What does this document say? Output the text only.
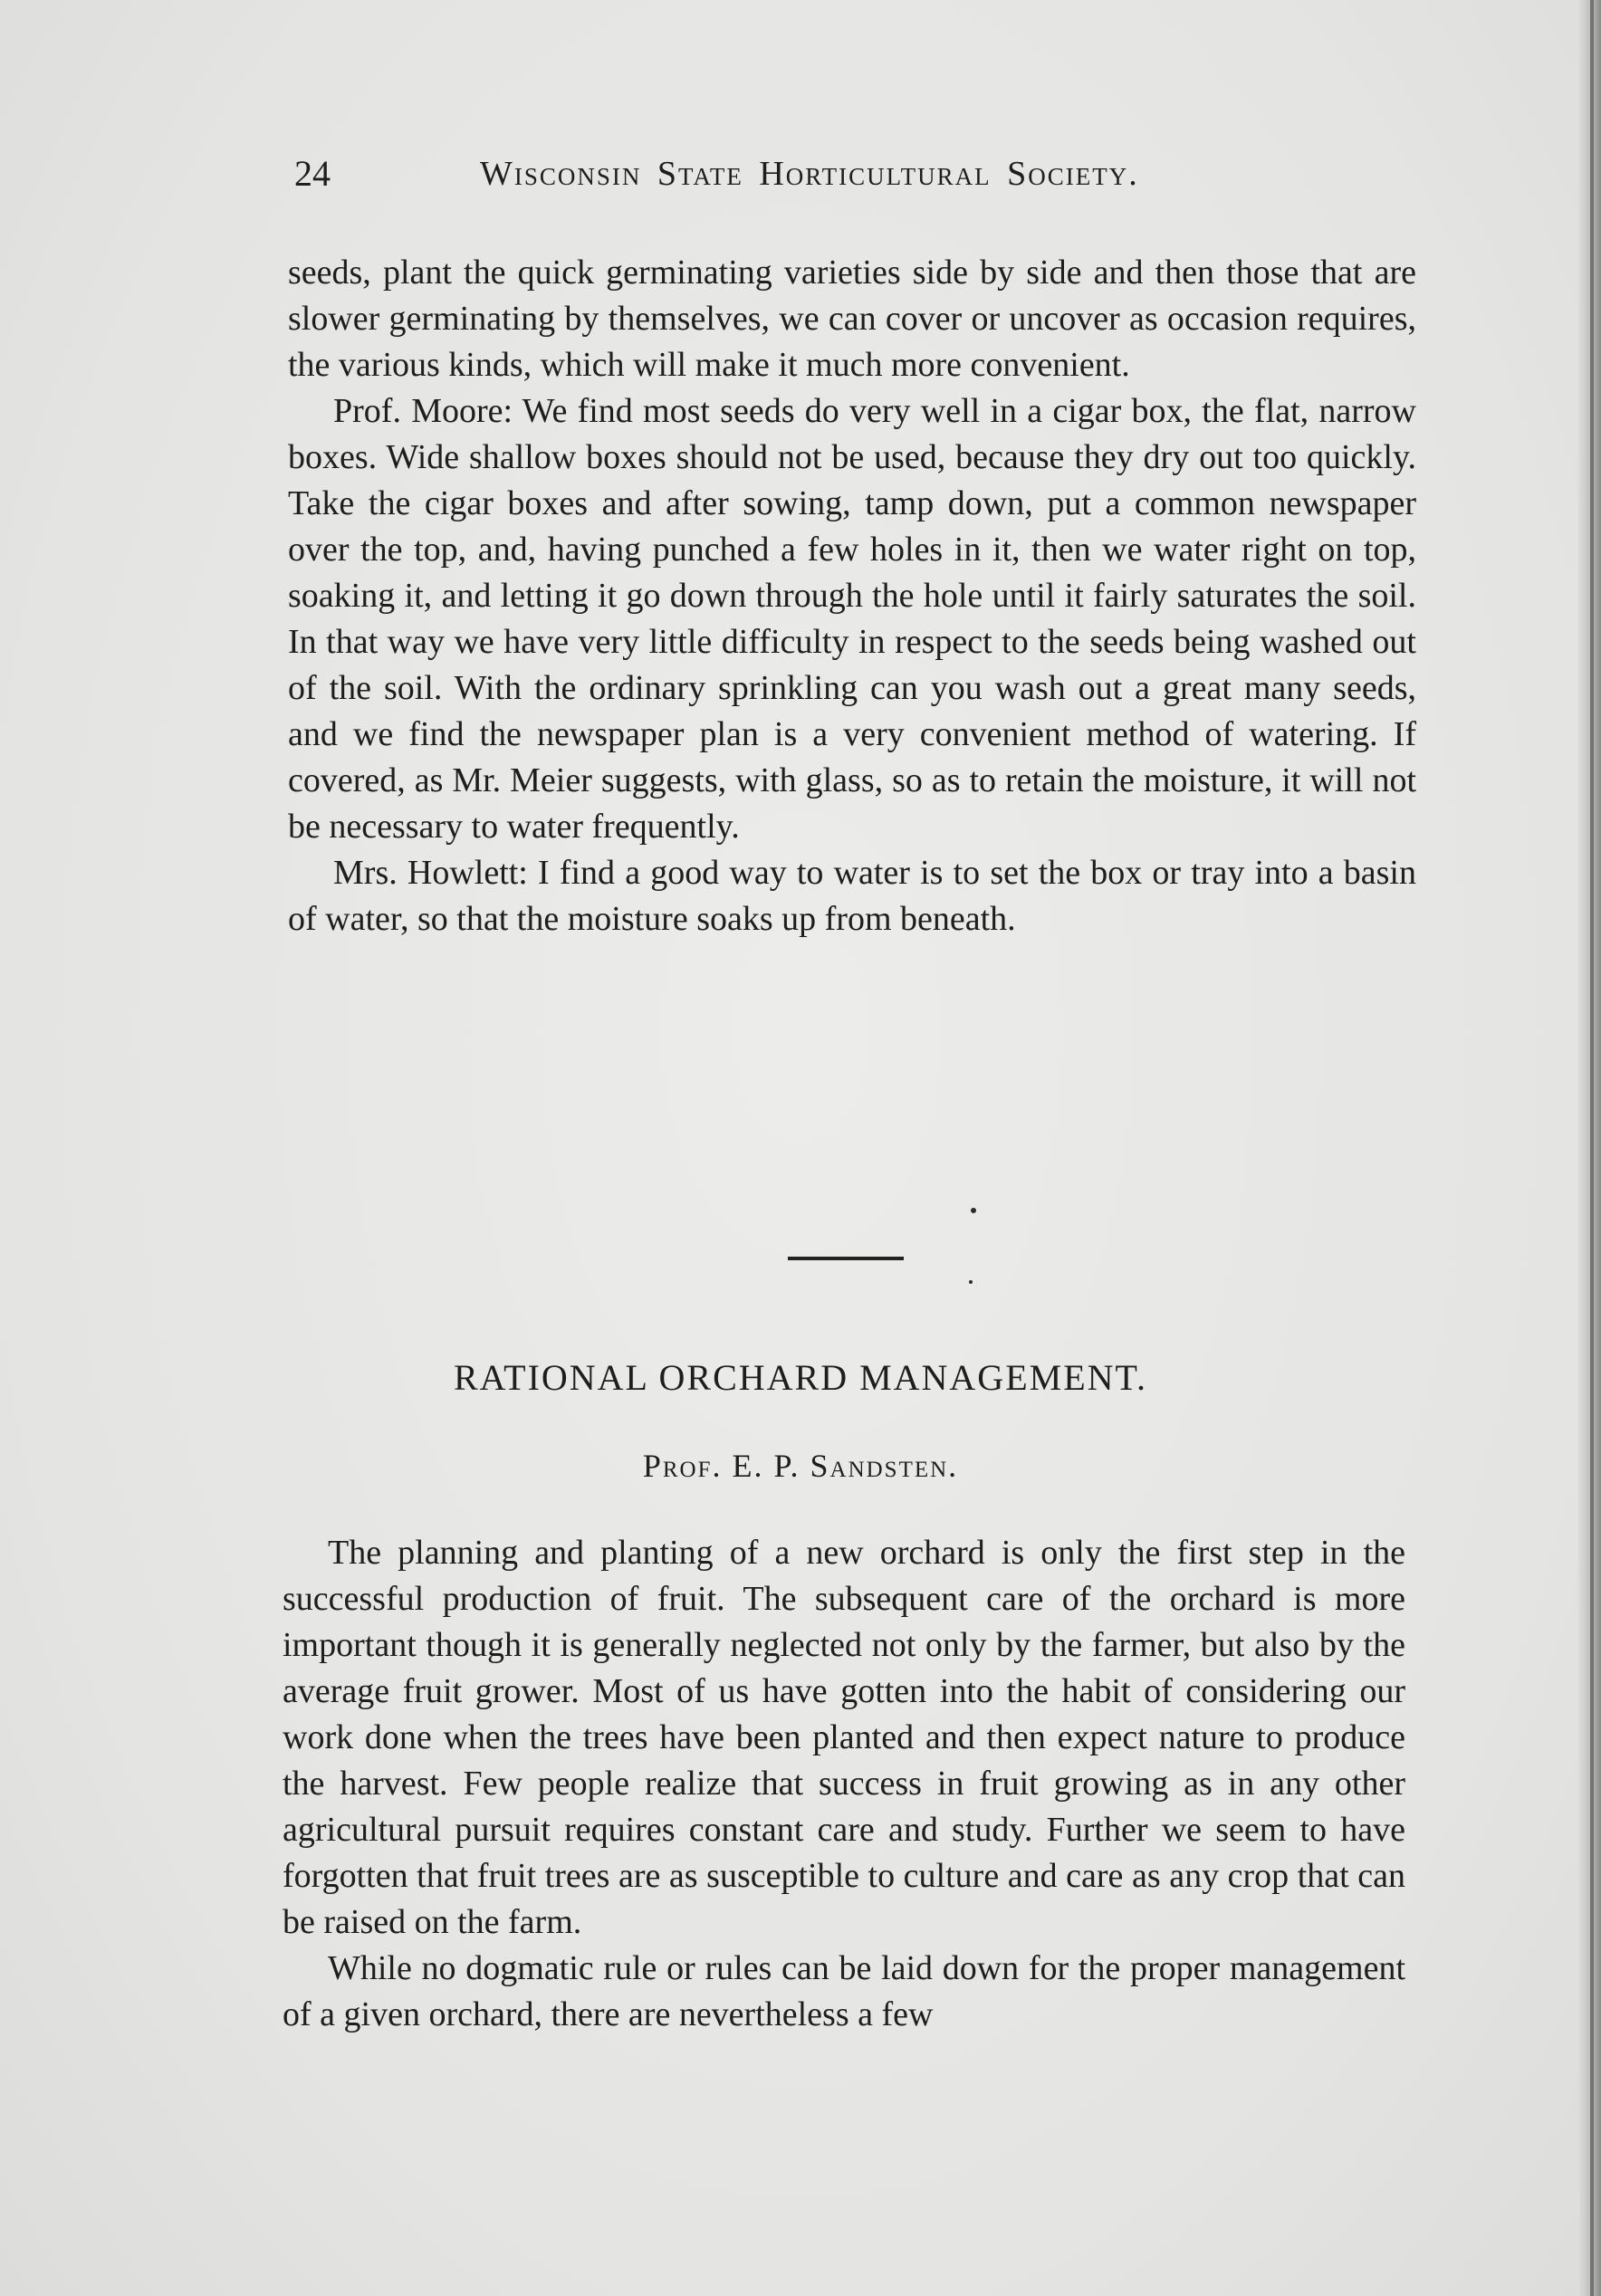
24	Wisconsin State Horticultural Society.

seeds, plant the quick germinating varieties side by side and then those that are slower germinating by themselves, we can cover or uncover as occasion requires, the various kinds, which will make it much more convenient.

Prof. Moore: We find most seeds do very well in a cigar box, the flat, narrow boxes. Wide shallow boxes should not be used, because they dry out too quickly. Take the cigar boxes and after sowing, tamp down, put a common newspaper over the top, and, having punched a few holes in it, then we water right on top, soaking it, and letting it go down through the hole until it fairly saturates the soil. In that way we have very little difficulty in respect to the seeds being washed out of the soil. With the ordinary sprinkling can you wash out a great many seeds, and we find the newspaper plan is a very convenient method of watering. If covered, as Mr. Meier suggests, with glass, so as to retain the moisture, it will not be necessary to water frequently.

Mrs. Howlett: I find a good way to water is to set the box or tray into a basin of water, so that the moisture soaks up from beneath.

RATIONAL ORCHARD MANAGEMENT.
Prof. E. P. Sandsten.

The planning and planting of a new orchard is only the first step in the successful production of fruit. The subsequent care of the orchard is more important though it is generally neglected not only by the farmer, but also by the average fruit grower. Most of us have gotten into the habit of considering our work done when the trees have been planted and then expect nature to produce the harvest. Few people realize that success in fruit growing as in any other agricultural pursuit requires constant care and study. Further we seem to have forgotten that fruit trees are as susceptible to culture and care as any crop that can be raised on the farm.

While no dogmatic rule or rules can be laid down for the proper management of a given orchard, there are nevertheless a few
